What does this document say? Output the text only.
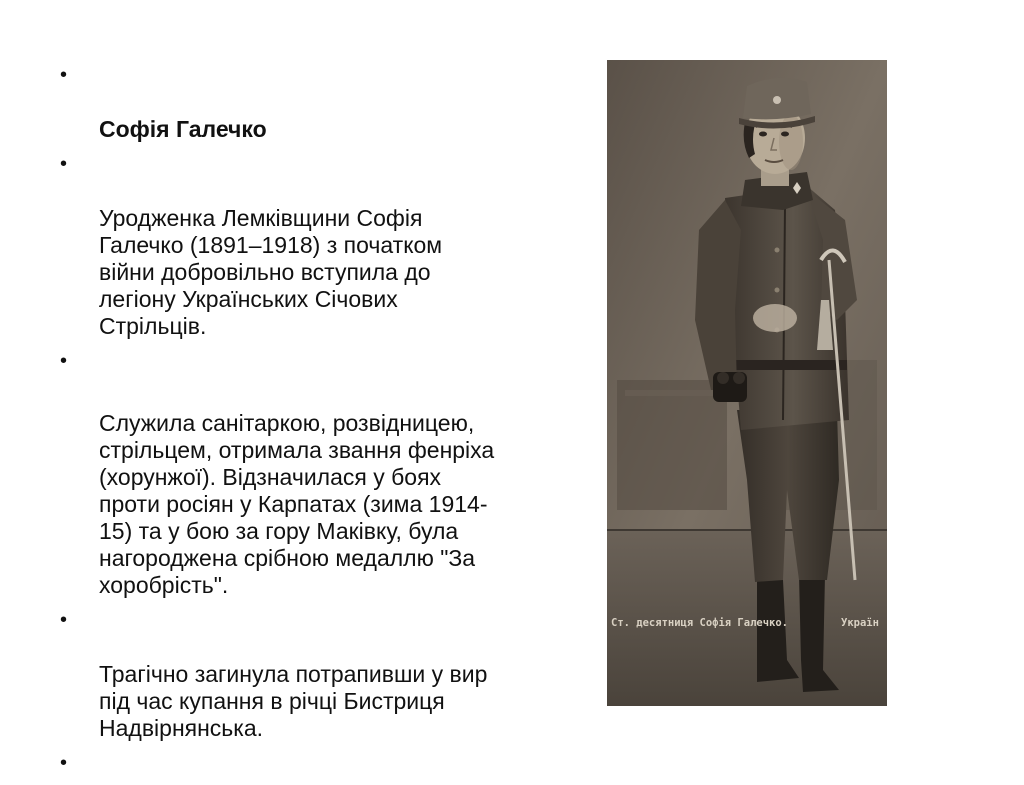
•

Софія Галечко

•

Уродженка Лемківщини Софія Галечко (1891–1918) з початком війни добровільно вступила до легіону Українських Січових Стрільців.

•

Служила санітаркою, розвідницею, стрільцем, отримала звання фенріха (хорунжої). Відзначилася у боях проти росіян у Карпатах (зима 1914-15) та у бою за гору Маківку, була нагороджена срібною медаллю "За хоробрість".

•

Трагічно загинула потрапивши у вир під час купання в річці Бистриця Надвірнянська.

•

Ст. десятниця Софія Галечко.	Україн
